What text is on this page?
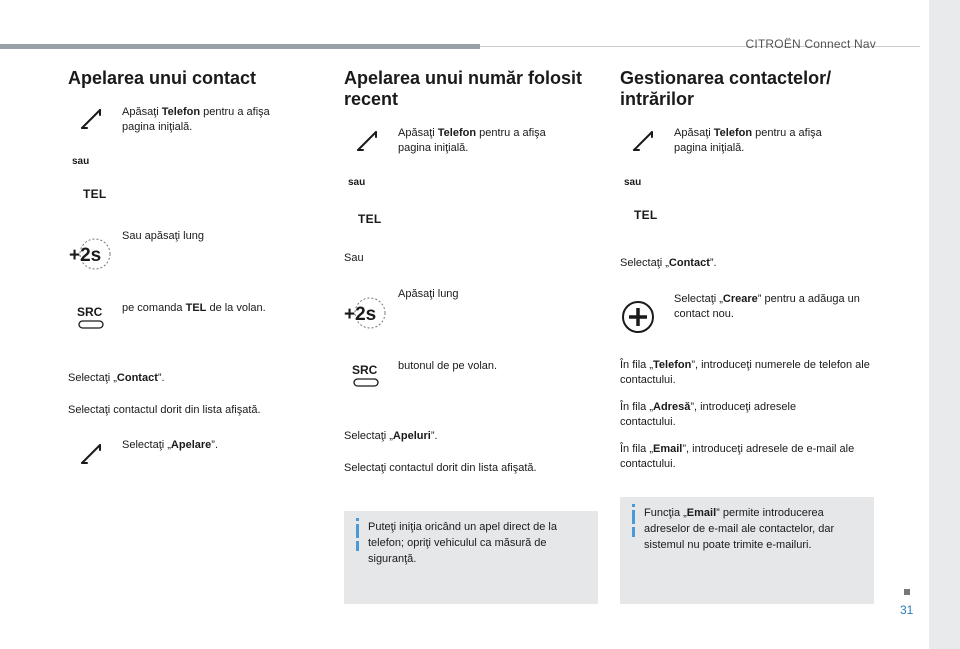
CITROËN Connect Nav
31
Apelarea unui contact
Apăsaţi Telefon pentru a afişa pagina iniţială.
sau
TEL
+2s
Sau apăsaţi lung
SRC pe comanda TEL de la volan.
Selectaţi „Contact”.
Selectaţi contactul dorit din lista afişată.
Selectaţi „Apelare”.
Apelarea unui număr folosit recent
Apăsaţi Telefon pentru a afişa pagina iniţială.
sau
TEL
Sau
+2s
Apăsaţi lung
SRC butonul de pe volan.
Selectaţi „Apeluri”.
Selectaţi contactul dorit din lista afişată.
Puteţi iniţia oricând un apel direct de la telefon; opriţi vehiculul ca măsură de siguranţă.
Gestionarea contactelor/ intrărilor
Apăsaţi Telefon pentru a afişa pagina iniţială.
sau
TEL
Selectaţi „Contact”.
Selectaţi „Creare” pentru a adăuga un contact nou.
În fila „Telefon”, introduceţi numerele de telefon ale contactului.
În fila „Adresă”, introduceţi adresele contactului.
În fila „Email”, introduceţi adresele de e-mail ale contactului.
Funcţia „Email” permite introducerea adreselor de e-mail ale contactelor, dar sistemul nu poate trimite e-mailuri.
